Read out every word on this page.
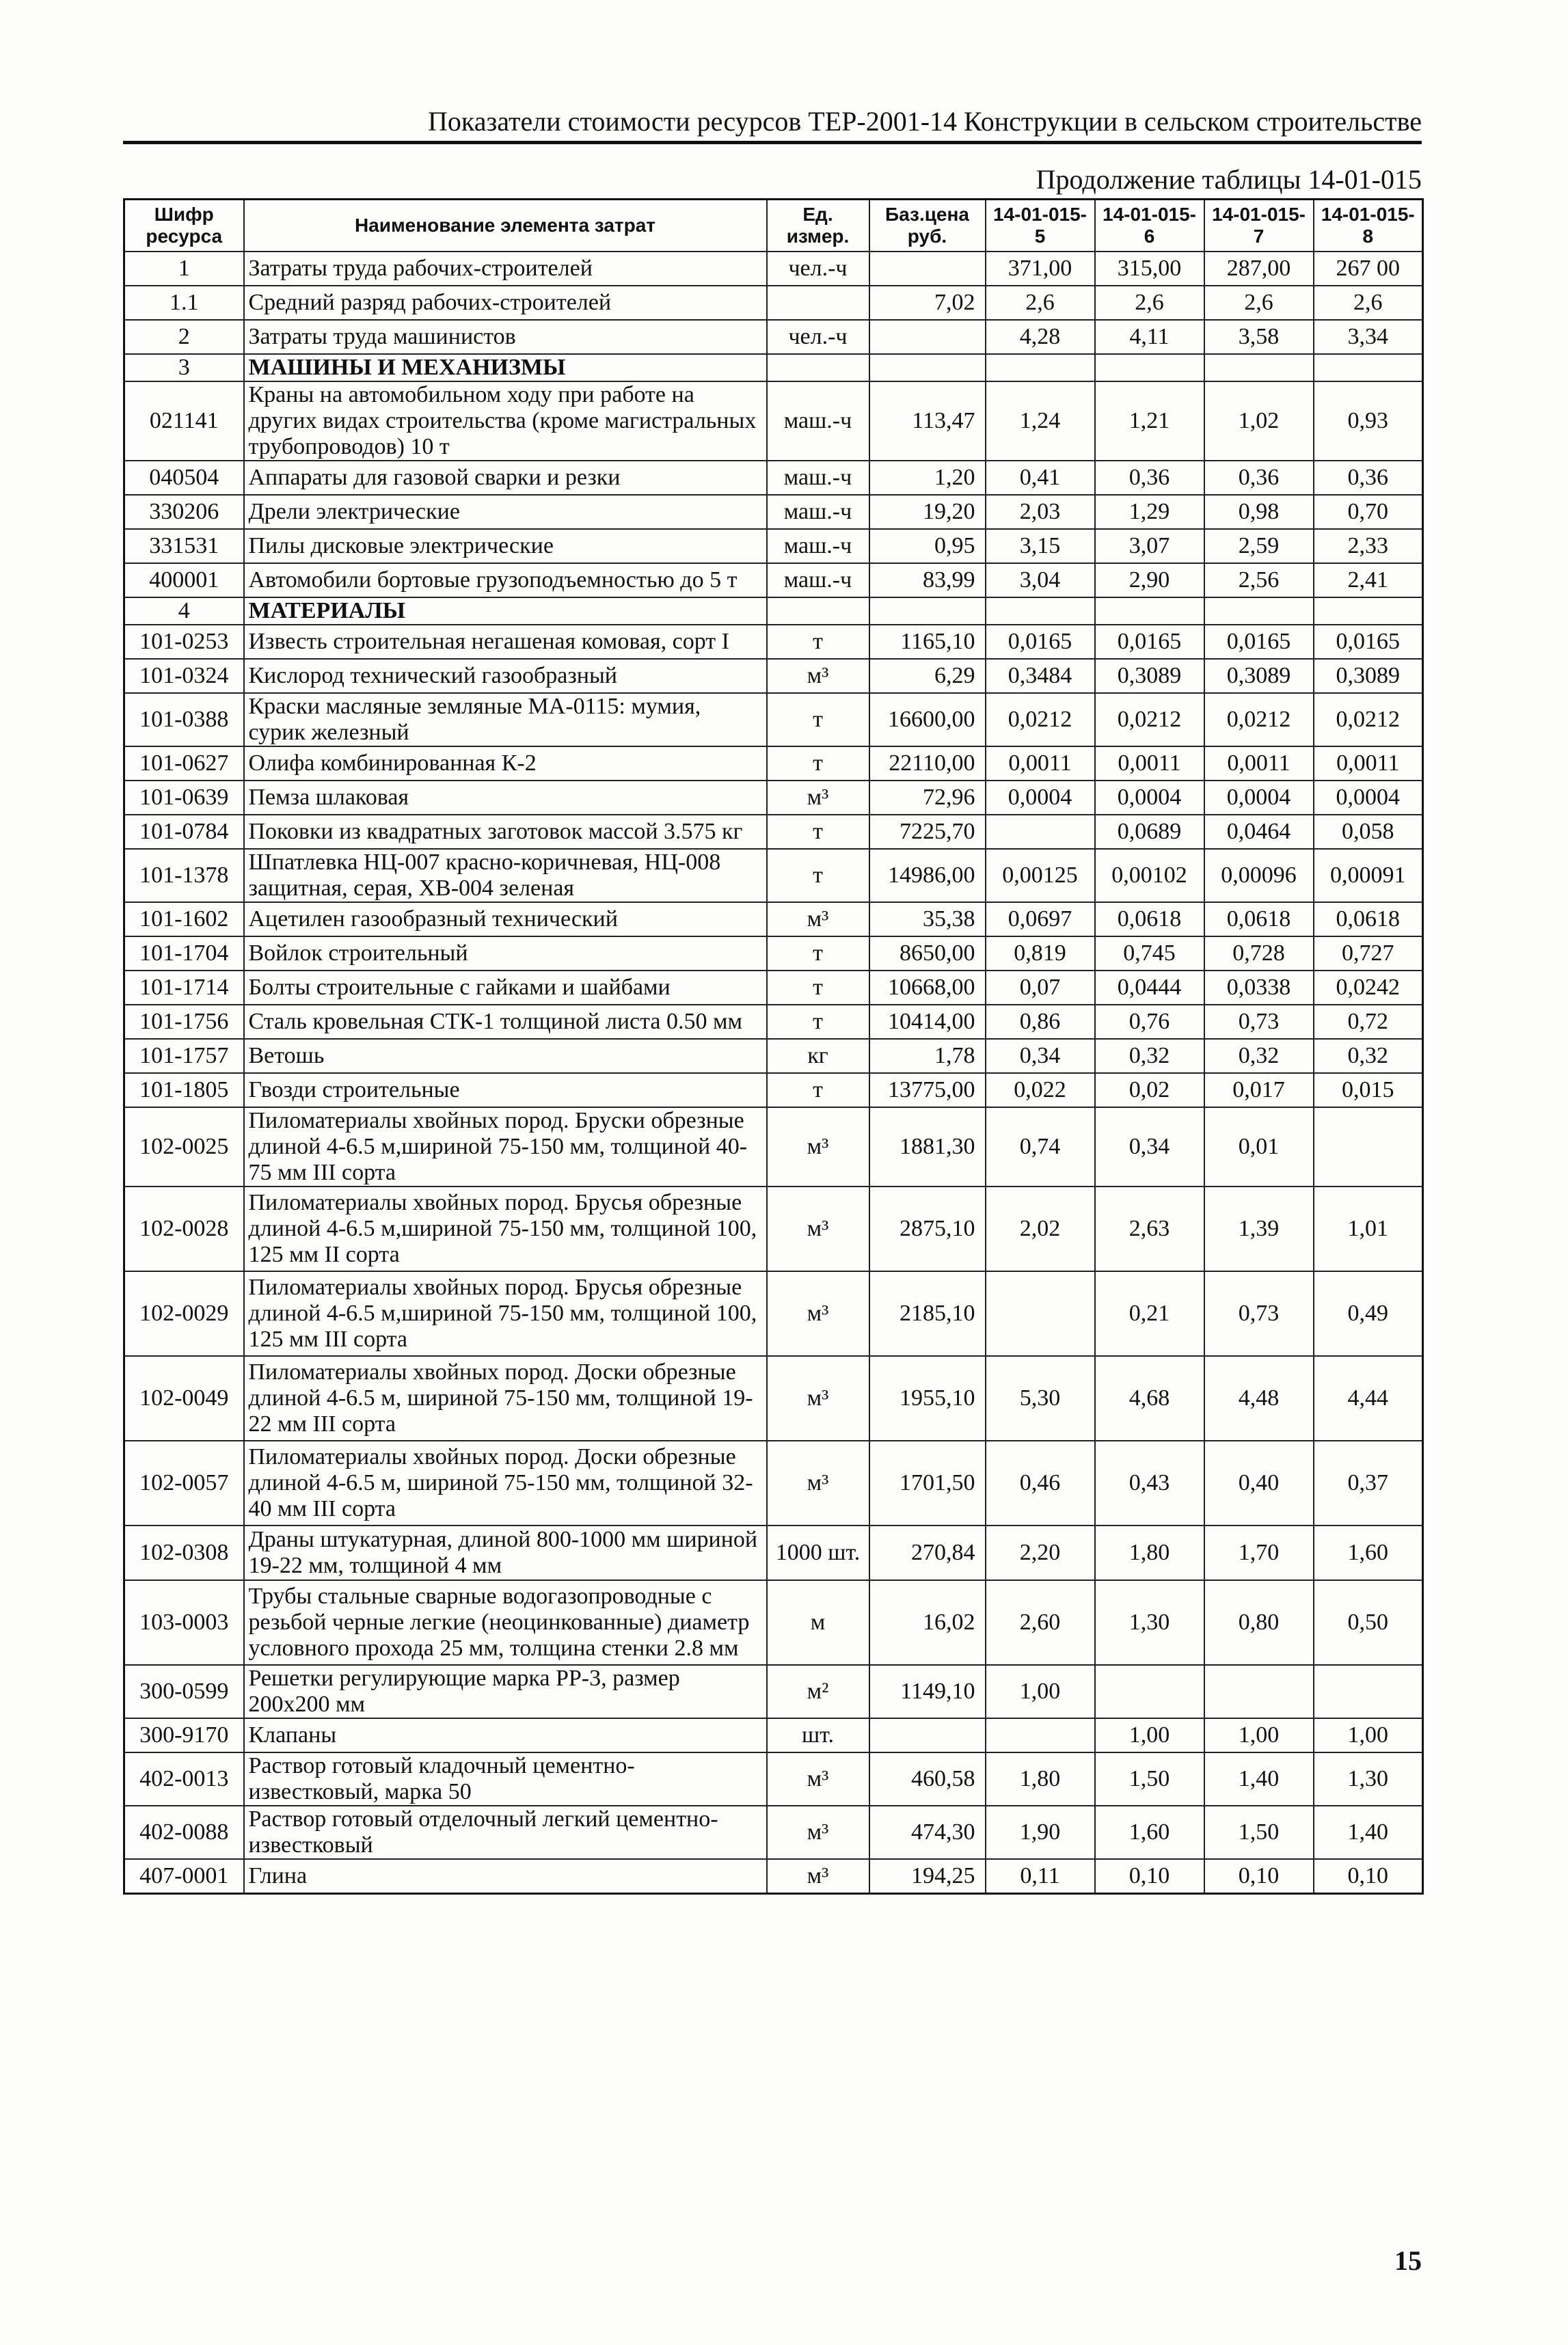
Показатели стоимости ресурсов ТЕР-2001-14 Конструкции в сельском строительстве
Продолжение таблицы 14-01-015
Шифр ресурса	Наименование элемента затрат	Ед. измер.	Баз.цена руб.	14-01-015-5	14-01-015-6	14-01-015-7	14-01-015-8
1	Затраты труда рабочих-строителей	чел.-ч		371,00	315,00	287,00	267 00
1.1	Средний разряд рабочих-строителей		7,02	2,6	2,6	2,6	2,6
2	Затраты труда машинистов	чел.-ч		4,28	4,11	3,58	3,34
3	МАШИНЫ И МЕХАНИЗМЫ						
021141	Краны на автомобильном ходу при работе на других видах строительства (кроме магистральных трубопроводов) 10 т	маш.-ч	113,47	1,24	1,21	1,02	0,93
040504	Аппараты для газовой сварки и резки	маш.-ч	1,20	0,41	0,36	0,36	0,36
330206	Дрели электрические	маш.-ч	19,20	2,03	1,29	0,98	0,70
331531	Пилы дисковые электрические	маш.-ч	0,95	3,15	3,07	2,59	2,33
400001	Автомобили бортовые грузоподъемностью до 5 т	маш.-ч	83,99	3,04	2,90	2,56	2,41
4	МАТЕРИАЛЫ						
101-0253	Известь строительная негашеная комовая, сорт I	т	1165,10	0,0165	0,0165	0,0165	0,0165
101-0324	Кислород технический газообразный	м³	6,29	0,3484	0,3089	0,3089	0,3089
101-0388	Краски масляные земляные МА-0115: мумия, сурик железный	т	16600,00	0,0212	0,0212	0,0212	0,0212
101-0627	Олифа комбинированная К-2	т	22110,00	0,0011	0,0011	0,0011	0,0011
101-0639	Пемза шлаковая	м³	72,96	0,0004	0,0004	0,0004	0,0004
101-0784	Поковки из квадратных заготовок массой 3.575 кг	т	7225,70		0,0689	0,0464	0,058
101-1378	Шпатлевка НЦ-007 красно-коричневая, НЦ-008 защитная, серая, ХВ-004 зеленая	т	14986,00	0,00125	0,00102	0,00096	0,00091
101-1602	Ацетилен газообразный технический	м³	35,38	0,0697	0,0618	0,0618	0,0618
101-1704	Войлок строительный	т	8650,00	0,819	0,745	0,728	0,727
101-1714	Болты строительные с гайками и шайбами	т	10668,00	0,07	0,0444	0,0338	0,0242
101-1756	Сталь кровельная СТК-1 толщиной листа 0.50 мм	т	10414,00	0,86	0,76	0,73	0,72
101-1757	Ветошь	кг	1,78	0,34	0,32	0,32	0,32
101-1805	Гвозди строительные	т	13775,00	0,022	0,02	0,017	0,015
102-0025	Пиломатериалы хвойных пород. Бруски обрезные длиной 4-6.5 м,шириной 75-150 мм, толщиной 40-75 мм III сорта	м³	1881,30	0,74	0,34	0,01	
102-0028	Пиломатериалы хвойных пород. Брусья обрезные длиной 4-6.5 м,шириной 75-150 мм, толщиной 100, 125 мм II сорта	м³	2875,10	2,02	2,63	1,39	1,01
102-0029	Пиломатериалы хвойных пород. Брусья обрезные длиной 4-6.5 м,шириной 75-150 мм, толщиной 100, 125 мм III сорта	м³	2185,10		0,21	0,73	0,49
102-0049	Пиломатериалы хвойных пород. Доски обрезные длиной 4-6.5 м, шириной 75-150 мм, толщиной 19-22 мм III сорта	м³	1955,10	5,30	4,68	4,48	4,44
102-0057	Пиломатериалы хвойных пород. Доски обрезные длиной 4-6.5 м, шириной 75-150 мм, толщиной 32-40 мм III сорта	м³	1701,50	0,46	0,43	0,40	0,37
102-0308	Драны штукатурная, длиной 800-1000 мм шириной 19-22 мм, толщиной 4 мм	1000 шт.	270,84	2,20	1,80	1,70	1,60
103-0003	Трубы стальные сварные водогазопроводные с резьбой черные легкие (неоцинкованные) диаметр условного прохода 25 мм, толщина стенки 2.8 мм	м	16,02	2,60	1,30	0,80	0,50
300-0599	Решетки регулирующие марка РР-3, размер 200х200 мм	м²	1149,10	1,00			
300-9170	Клапаны	шт.			1,00	1,00	1,00
402-0013	Раствор готовый кладочный цементно-известковый, марка 50	м³	460,58	1,80	1,50	1,40	1,30
402-0088	Раствор готовый отделочный легкий цементно-известковый	м³	474,30	1,90	1,60	1,50	1,40
407-0001	Глина	м³	194,25	0,11	0,10	0,10	0,10
15
